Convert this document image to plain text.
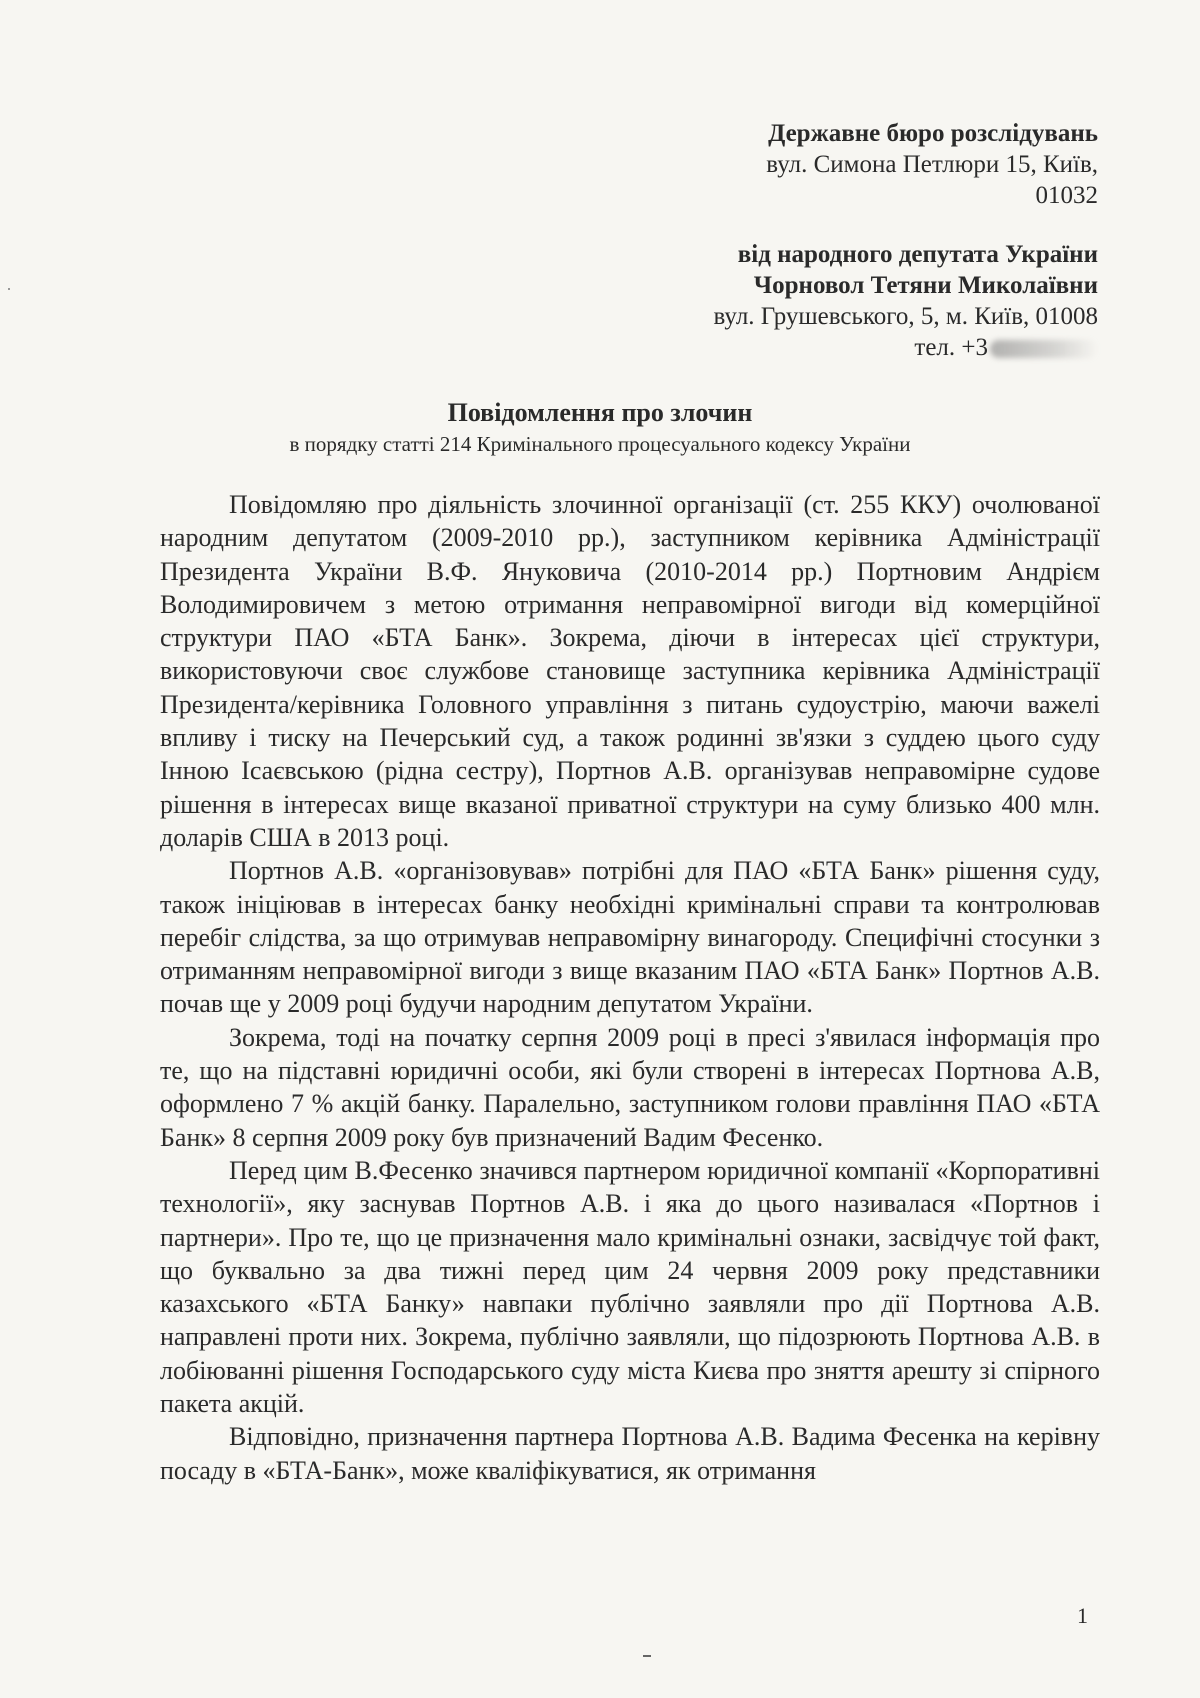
Державне бюро розслідувань
вул. Симона Петлюри 15, Київ,
01032
від народного депутата України
Чорновол Тетяни Миколаївни
вул. Грушевського, 5, м. Київ, 01008
тел. +3
Повідомлення про злочин
в порядку статті 214 Кримінального процесуального кодексу України

Повідомляю про діяльність злочинної організації (ст. 255 ККУ) очолюваної народним депутатом (2009-2010 рр.), заступником керівника Адміністрації Президента України В.Ф. Януковича (2010-2014 рр.) Портновим Андрієм Володимировичем з метою отримання неправомірної вигоди від комерційної структури ПАО «БТА Банк». Зокрема, діючи в інтересах цієї структури, використовуючи своє службове становище заступника керівника Адміністрації Президента/керівника Головного управління з питань судоустрію, маючи важелі впливу і тиску на Печерський суд, а також родинні зв'язки з суддею цього суду Інною Ісаєвською (рідна сестру), Портнов А.В. організував неправомірне судове рішення в інтересах вище вказаної приватної структури на суму близько 400 млн. доларів США в 2013 році.

Портнов А.В. «організовував» потрібні для ПАО «БТА Банк» рішення суду, також ініціював в інтересах банку необхідні кримінальні справи та контролював перебіг слідства, за що отримував неправомірну винагороду. Специфічні стосунки з отриманням неправомірної вигоди з вище вказаним ПАО «БТА Банк» Портнов А.В. почав ще у 2009 році будучи народним депутатом України.

Зокрема, тоді на початку серпня 2009 році в пресі з'явилася інформація про те, що на підставні юридичні особи, які були створені в інтересах Портнова А.В, оформлено 7 % акцій банку. Паралельно, заступником голови правління ПАО «БТА Банк» 8 серпня 2009 року був призначений Вадим Фесенко.

Перед цим В.Фесенко значився партнером юридичної компанії «Корпоративні технології», яку заснував Портнов А.В. і яка до цього називалася «Портнов і партнери». Про те, що це призначення мало кримінальні ознаки, засвідчує той факт, що буквально за два тижні перед цим 24 червня 2009 року представники казахського «БТА Банку» навпаки публічно заявляли про дії Портнова А.В. направлені проти них. Зокрема, публічно заявляли, що підозрюють Портнова А.В. в лобіюванні рішення Господарського суду міста Києва про зняття арешту зі спірного пакета акцій.

Відповідно, призначення партнера Портнова А.В. Вадима Фесенка на керівну посаду в «БТА-Банк», може кваліфікуватися, як отримання

1
